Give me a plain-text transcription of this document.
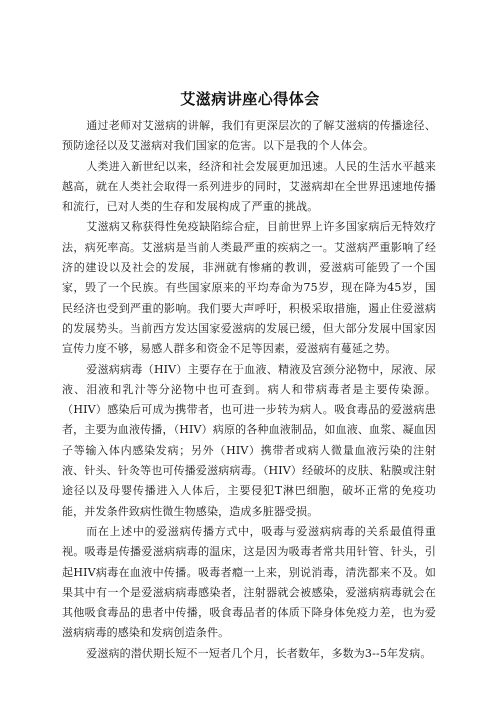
艾滋病讲座心得体会

通过老师对艾滋病的讲解，我们有更深层次的了解艾滋病的传播途径、预防途径以及艾滋病对我们国家的危害。以下是我的个人体会。

人类进入新世纪以来，经济和社会发展更加迅速。人民的生活水平越来越高，就在人类社会取得一系列进步的同时，艾滋病却在全世界迅速地传播和流行，已对人类的生存和发展构成了严重的挑战。

艾滋病又称获得性免疫缺陷综合症，目前世界上许多国家病后无特效疗法，病死率高。艾滋病是当前人类最严重的疾病之一。艾滋病严重影响了经济的建设以及社会的发展，非洲就有惨痛的教训，爱滋病可能毁了一个国家，毁了一个民族。有些国家原来的平均寿命为75岁，现在降为45岁，国民经济也受到严重的影响。我们要大声呼吁，积极采取措施，遏止住爱滋病的发展势头。当前西方发达国家爱滋病的发展已缓，但大部分发展中国家因宣传力度不够，易感人群多和资金不足等因素，爱滋病有蔓延之势。

爱滋病病毒（HIV）主要存在于血液、精液及宫颈分泌物中，尿液、尿液、泪液和乳汁等分泌物中也可查到。病人和带病毒者是主要传染源。（HIV）感染后可成为携带者，也可进一步转为病人。吸食毒品的爱滋病患者，主要为血液传播，（HIV）病原的各种血液制品，如血液、血浆、凝血因子等输入体内感染发病；另外（HIV）携带者或病人微量血液污染的注射液、针头、针灸等也可传播爱滋病病毒。（HIV）经破坏的皮肤、粘膜或注射途径以及母婴传播进入人体后，主要侵犯T淋巴细胞，破坏正常的免疫功能，并发条件致病性微生物感染，造成多脏器受损。

而在上述中的爱滋病传播方式中，吸毒与爱滋病病毒的关系最值得重视。吸毒是传播爱滋病病毒的温床，这是因为吸毒者常共用针管、针头，引起HIV病毒在血液中传播。吸毒者瘾一上来，别说消毒，清洗都来不及。如果其中有一个是爱滋病病毒感染者，注射器就会被感染，爱滋病病毒就会在其他吸食毒品的患者中传播，吸食毒品者的体质下降身体免疫力差，也为爱滋病病毒的感染和发病创造条件。

爱滋病的潜伏期长短不一短者几个月，长者数年，多数为3--5年发病。
